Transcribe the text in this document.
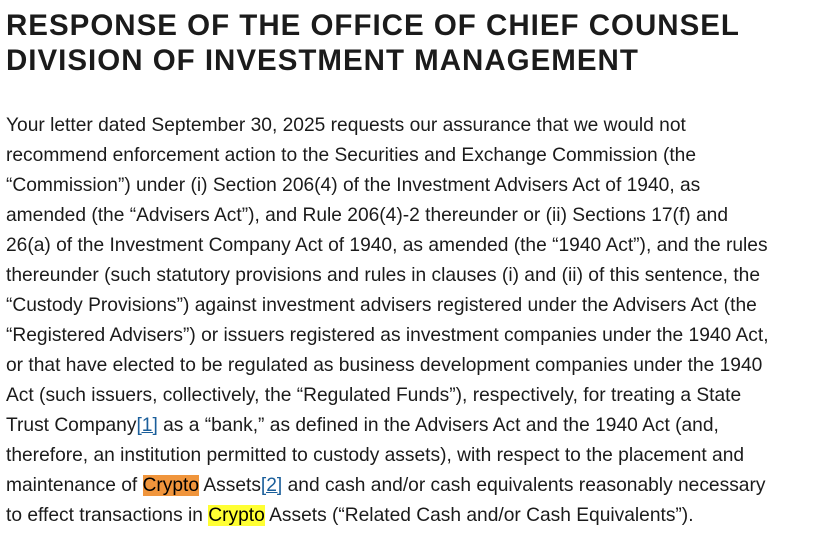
RESPONSE OF THE OFFICE OF CHIEF COUNSEL
DIVISION OF INVESTMENT MANAGEMENT

Your letter dated September 30, 2025 requests our assurance that we would not
recommend enforcement action to the Securities and Exchange Commission (the
“Commission”) under (i) Section 206(4) of the Investment Advisers Act of 1940, as
amended (the “Advisers Act”), and Rule 206(4)-2 thereunder or (ii) Sections 17(f) and
26(a) of the Investment Company Act of 1940, as amended (the “1940 Act”), and the rules
thereunder (such statutory provisions and rules in clauses (i) and (ii) of this sentence, the
“Custody Provisions”) against investment advisers registered under the Advisers Act (the
“Registered Advisers”) or issuers registered as investment companies under the 1940 Act,
or that have elected to be regulated as business development companies under the 1940
Act (such issuers, collectively, the “Regulated Funds”), respectively, for treating a State
Trust Company[1] as a “bank,” as defined in the Advisers Act and the 1940 Act (and,
therefore, an institution permitted to custody assets), with respect to the placement and
maintenance of Crypto Assets[2] and cash and/or cash equivalents reasonably necessary
to effect transactions in Crypto Assets (“Related Cash and/or Cash Equivalents”).
